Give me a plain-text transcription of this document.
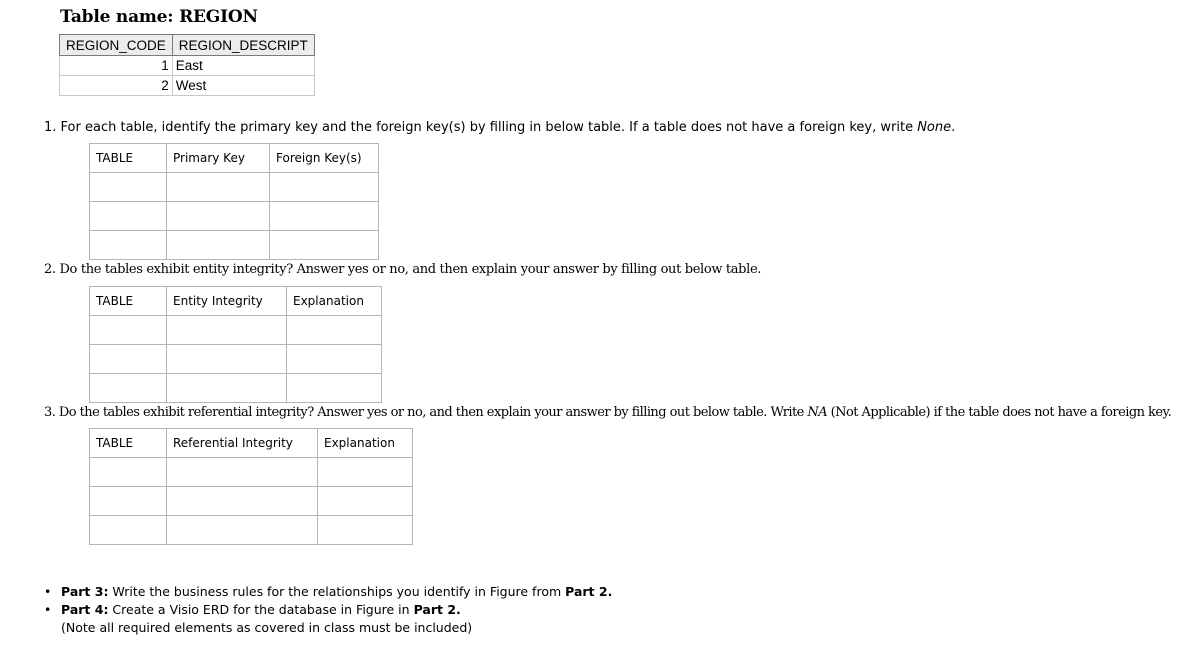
Table name: REGION
REGION_CODE	REGION_DESCRIPT
1	East
2	West
1. For each table, identify the primary key and the foreign key(s) by filling in below table. If a table does not have a foreign key, write None.
TABLE	Primary Key	Foreign Key(s)

2. Do the tables exhibit entity integrity? Answer yes or no, and then explain your answer by filling out below table.
TABLE	Entity Integrity	Explanation

3. Do the tables exhibit referential integrity? Answer yes or no, and then explain your answer by filling out below table. Write NA (Not Applicable) if the table does not have a foreign key.
TABLE	Referential Integrity	Explanation

• Part 3: Write the business rules for the relationships you identify in Figure from Part 2.
• Part 4: Create a Visio ERD for the database in Figure in Part 2.
(Note all required elements as covered in class must be included)
